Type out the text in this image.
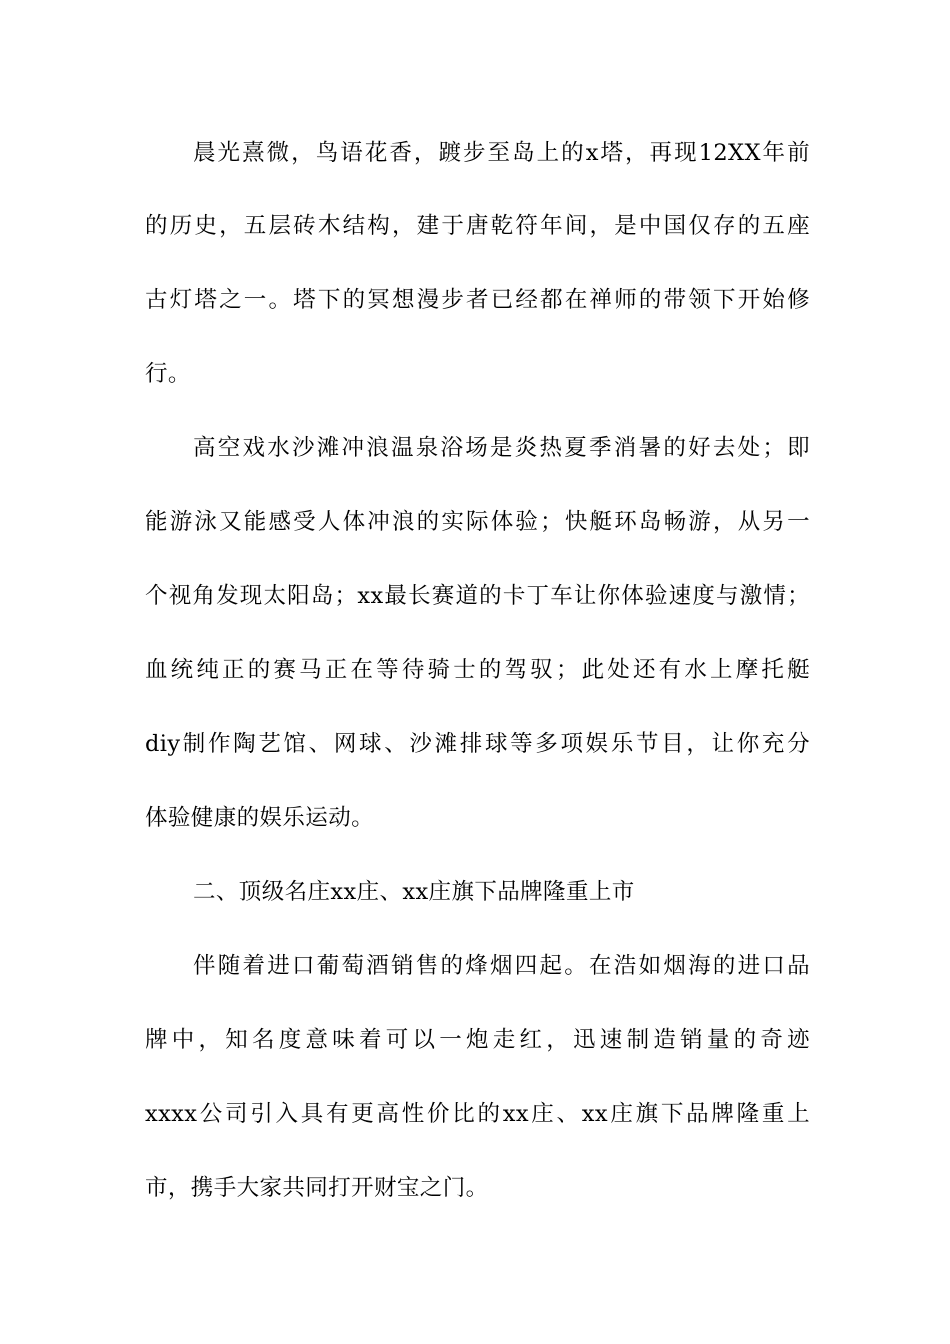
晨光熹微，鸟语花香，踱步至岛上的x塔，再现12XX年前
的历史，五层砖木结构，建于唐乾符年间，是中国仅存的五座
古灯塔之一。塔下的冥想漫步者已经都在禅师的带领下开始修
行。
高空戏水沙滩冲浪温泉浴场是炎热夏季消暑的好去处；即
能游泳又能感受人体冲浪的实际体验；快艇环岛畅游，从另一
个视角发现太阳岛；xx最长赛道的卡丁车让你体验速度与激情；
血统纯正的赛马正在等待骑士的驾驭；此处还有水上摩托艇
diy制作陶艺馆、网球、沙滩排球等多项娱乐节目，让你充分
体验健康的娱乐运动。
二、顶级名庄xx庄、xx庄旗下品牌隆重上市
伴随着进口葡萄酒销售的烽烟四起。在浩如烟海的进口品
牌中，知名度意味着可以一炮走红，迅速制造销量的奇迹
xxxx公司引入具有更高性价比的xx庄、xx庄旗下品牌隆重上
市，携手大家共同打开财宝之门。
